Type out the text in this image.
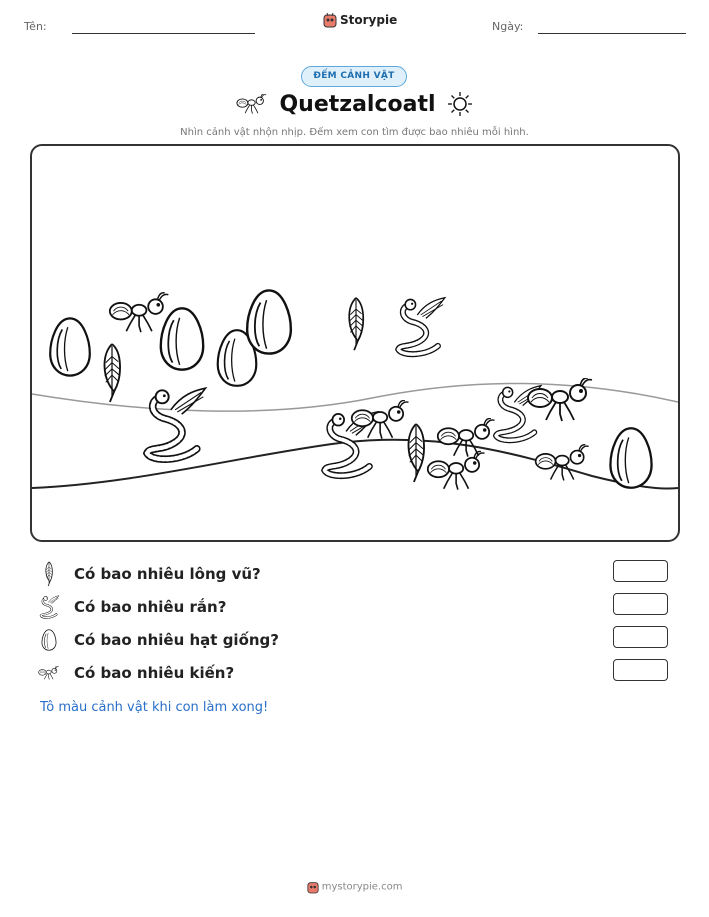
Tên:	Storypie	Ngày:
ĐẾM CẢNH VẬT
Quetzalcoatl
Nhìn cảnh vật nhộn nhịp. Đếm xem con tìm được bao nhiêu mỗi hình.
Có bao nhiêu lông vũ?
Có bao nhiêu rắn?
Có bao nhiêu hạt giống?
Có bao nhiêu kiến?
Tô màu cảnh vật khi con làm xong!
mystorypie.com
